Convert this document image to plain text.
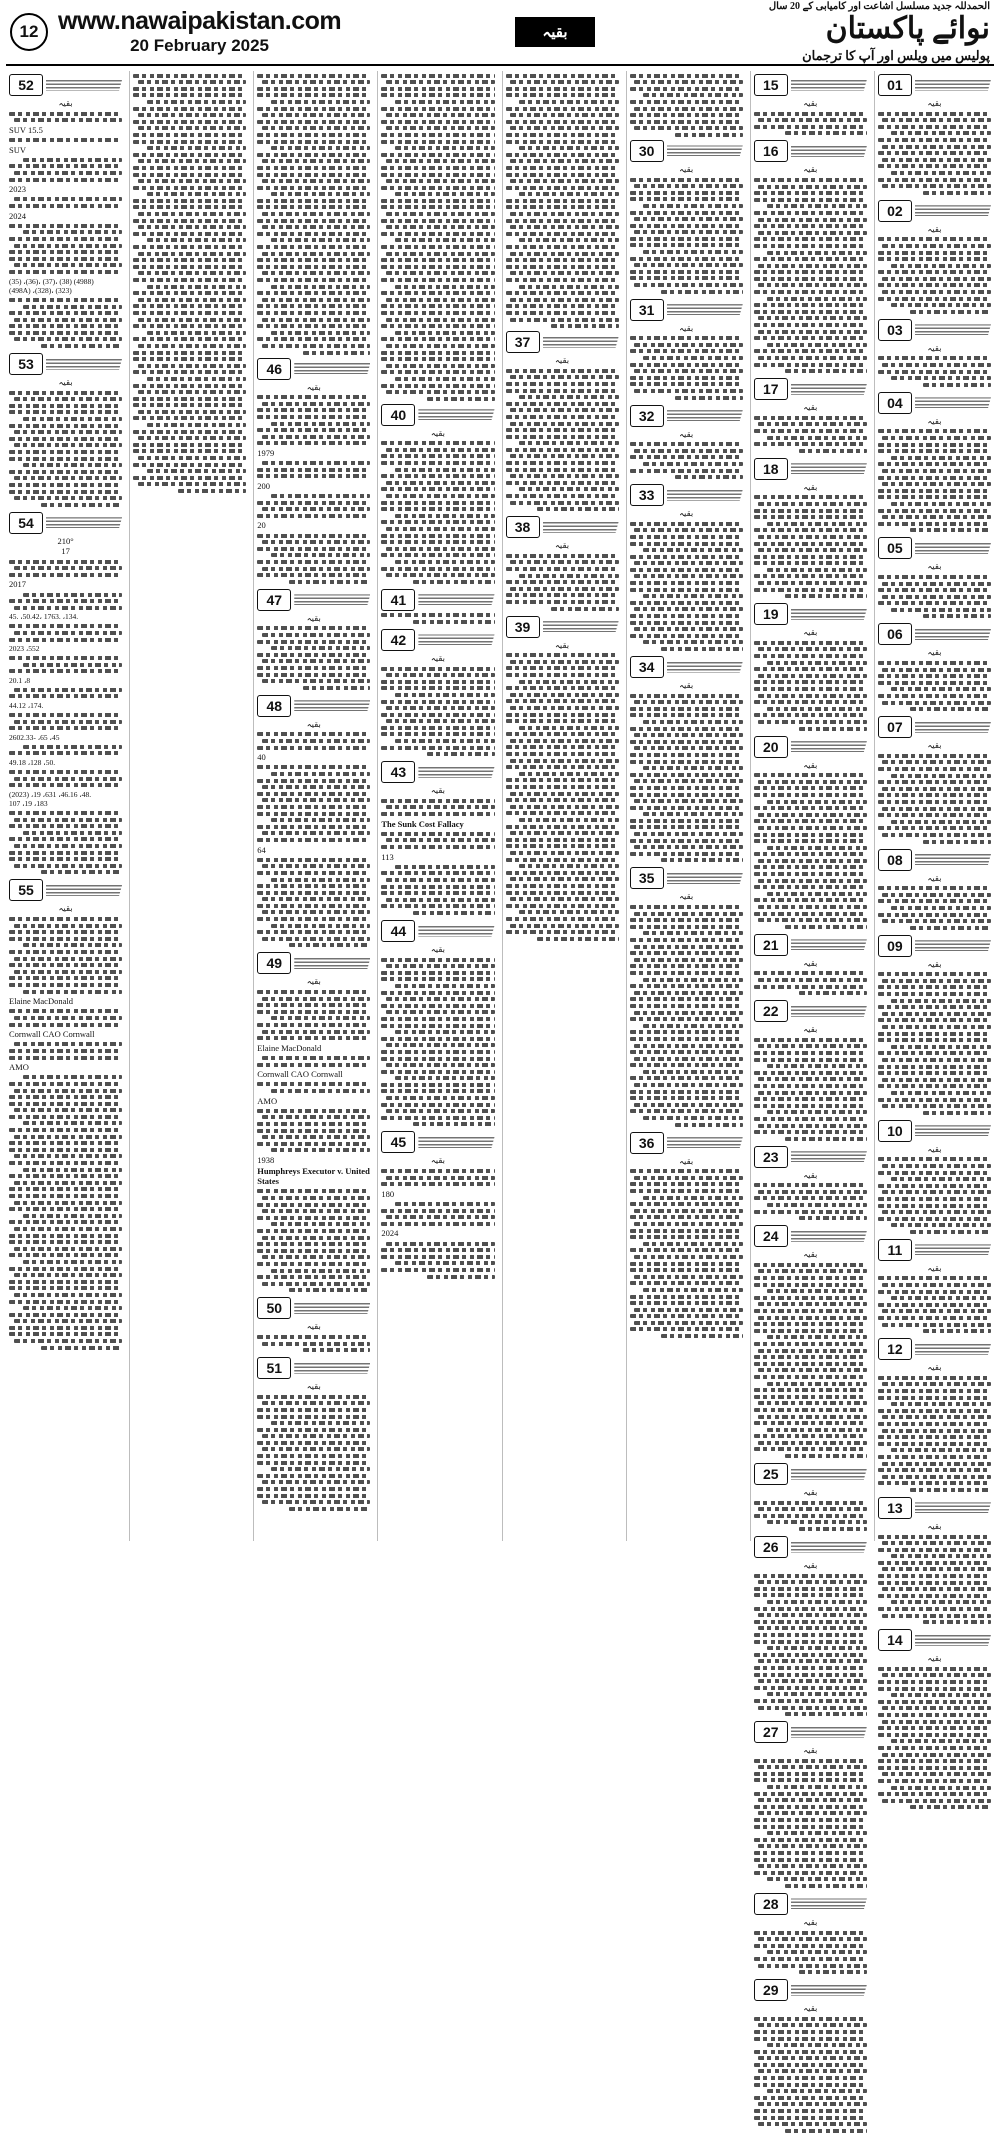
12 www.nawaipakistan.com
20 February 2025
بقیہ
الحمدللہ جدید مسلسل اشاعت اور کامیابی کے 20 سال
نوائے پاکستان
پولیس میں ویلس اور آپ کا ترجمان
01
بقیہ
02
بقیہ
03
بقیہ
04
بقیہ
05
بقیہ
06
بقیہ
07
بقیہ
08
بقیہ
09
بقیہ
10
بقیہ
11
بقیہ
12
بقیہ
13
بقیہ
14
بقیہ
15
بقیہ
16
بقیہ
17
بقیہ
18
بقیہ
19
بقیہ
20
بقیہ
21
بقیہ
22
بقیہ
23
بقیہ
24
بقیہ
25
بقیہ
26
بقیہ
27
بقیہ
28
بقیہ
29
بقیہ
30
بقیہ
31
بقیہ
32
بقیہ
33
بقیہ
34
بقیہ
35
بقیہ
36
بقیہ
37
بقیہ
38
بقیہ
39
بقیہ
40
بقیہ
41
42
بقیہ
43
بقیہ
The Sunk Cost Fallacy
113
44
بقیہ
45
بقیہ
180
2024
46
بقیہ
1979
200
20
47
بقیہ
48
بقیہ
40
64
49
بقیہ
Elaine MacDonald
Cornwall CAO Cornwall
AMO
1938
Humphreys Executor v. United States
50
بقیہ
51
بقیہ
52
بقیہ
SUV 15.5
SUV
2023
2024
(35) ،(36)، (37)، (38) (4988)
(498A) ،(328)، (323)
53
بقیہ
54
210°
17
2017
45. ،50.42، 1763. ،134.
2023 ،552
20.1 ،8
44.12 ،174.
2602.33- ،65 ،45
49.18 ،128 ،50.
(2023) ،19 ،631 ،46.16 ،48.
107 ،19 ،183
55
بقیہ
Elaine MacDonald
Cornwall CAO Cornwall
AMO
